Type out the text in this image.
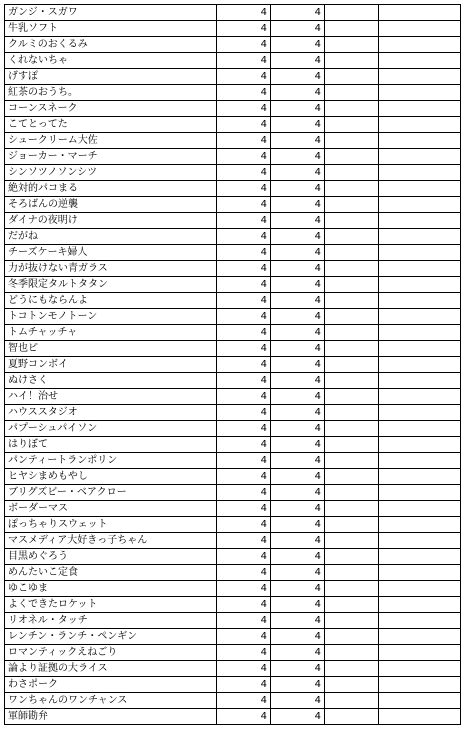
ガンジ・スガワ	4	4		
牛乳ソフト	4	4		
クルミのおくるみ	4	4		
くれないちゃ	4	4		
げすぽ	4	4		
紅茶のおうち。	4	4		
コーンスネーク	4	4		
こてとってた	4	4		
シュークリーム大佐	4	4		
ジョーカー・マーチ	4	4		
シンソツノソンシツ	4	4		
絶対的パコまる	4	4		
そろばんの逆襲	4	4		
ダイナの夜明け	4	4		
だがね	4	4		
チーズケーキ婦人	4	4		
力が抜けない青ガラス	4	4		
冬季限定タルトタタン	4	4		
どうにもならんよ	4	4		
トコトンモノトーン	4	4		
トムチャッチャ	4	4		
智也ピ	4	4		
夏野コンボイ	4	4		
ぬけさく	4	4		
ハイ！治せ	4	4		
ハウススタジオ	4	4		
パプーシュパイソン	4	4		
はりぼて	4	4		
パンティートランポリン	4	4		
ヒヤシまめもやし	4	4		
ブリグズビー・ベアクロー	4	4		
ボーダーマス	4	4		
ぽっちゃりスウェット	4	4		
マスメディア大好きっ子ちゃん	4	4		
目黒めぐろう	4	4		
めんたいこ定食	4	4		
ゆこゆま	4	4		
よくできたロケット	4	4		
リオネル・タッチ	4	4		
レンチン・ランチ・ペンギン	4	4		
ロマンティックえねごり	4	4		
論より証拠の大ライス	4	4		
わさポーク	4	4		
ワンちゃんのワンチャンス	4	4		
軍師勘弁	4	4		
